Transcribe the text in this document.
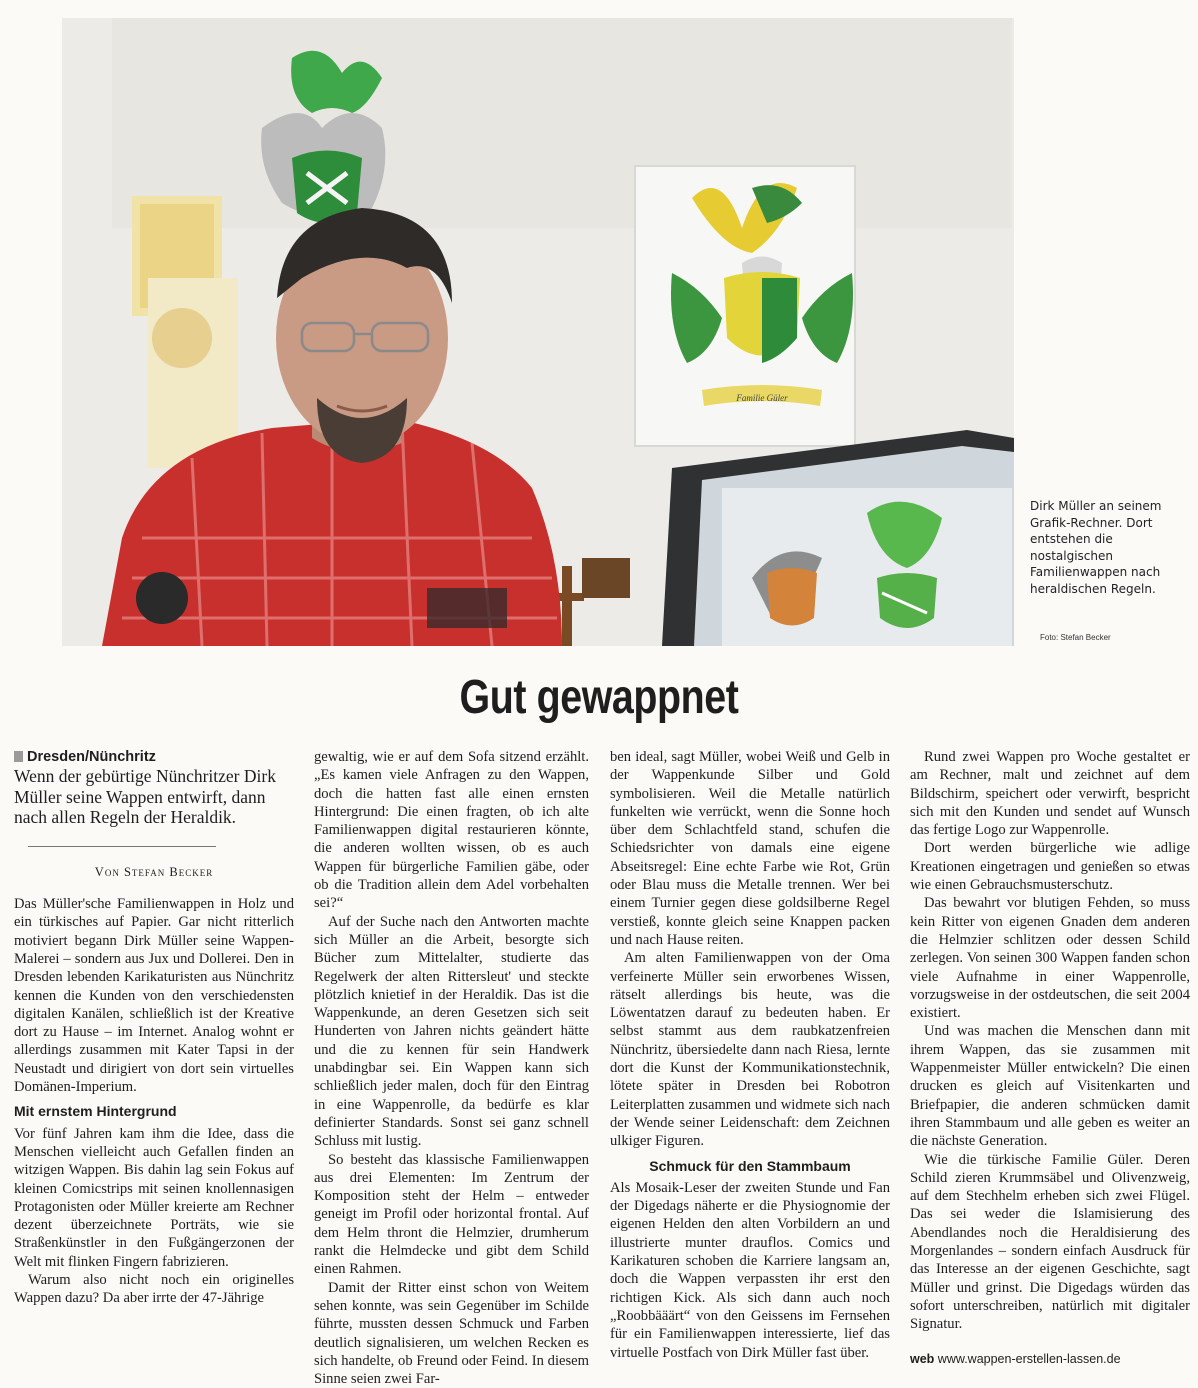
Familie Güler
Dirk Müller an seinem Grafik-Rechner. Dort entstehen die nostalgischen Familienwappen nach heraldischen Regeln.
Foto: Stefan Becker
Gut gewappnet
Dresden/Nünchritz

Wenn der gebürtige Nünchritzer Dirk Müller seine Wappen entwirft, dann nach allen Regeln der Heraldik.

Von Stefan Becker

Das Müller'sche Familienwappen in Holz und ein türkisches auf Papier. Gar nicht ritterlich motiviert begann Dirk Müller seine Wappen-Malerei – sondern aus Jux und Dollerei. Den in Dresden lebenden Karikaturisten aus Nünchritz kennen die Kunden von den verschiedensten digitalen Kanälen, schließlich ist der Kreative dort zu Hause – im Internet. Analog wohnt er allerdings zusammen mit Kater Tapsi in der Neustadt und dirigiert von dort sein virtuelles Domänen-Imperium.

Mit ernstem Hintergrund

Vor fünf Jahren kam ihm die Idee, dass die Menschen vielleicht auch Gefallen finden an witzigen Wappen. Bis dahin lag sein Fokus auf kleinen Comicstrips mit seinen knollennasigen Protagonisten oder Müller kreierte am Rechner dezent überzeichnete Porträts, wie sie Straßenkünstler in den Fußgängerzonen der Welt mit flinken Fingern fabrizieren.

Warum also nicht noch ein originelles Wappen dazu? Da aber irrte der 47-Jährige

gewaltig, wie er auf dem Sofa sitzend erzählt. „Es kamen viele Anfragen zu den Wappen, doch die hatten fast alle einen ernsten Hintergrund: Die einen fragten, ob ich alte Familienwappen digital restaurieren könnte, die anderen wollten wissen, ob es auch Wappen für bürgerliche Familien gäbe, oder ob die Tradition allein dem Adel vorbehalten sei?“

Auf der Suche nach den Antworten machte sich Müller an die Arbeit, besorgte sich Bücher zum Mittelalter, studierte das Regelwerk der alten Rittersleut' und steckte plötzlich knietief in der Heraldik. Das ist die Wappenkunde, an deren Gesetzen sich seit Hunderten von Jahren nichts geändert hätte und die zu kennen für sein Handwerk unabdingbar sei. Ein Wappen kann sich schließlich jeder malen, doch für den Eintrag in eine Wappenrolle, da bedürfe es klar definierter Standards. Sonst sei ganz schnell Schluss mit lustig.

So besteht das klassische Familienwappen aus drei Elementen: Im Zentrum der Komposition steht der Helm – entweder geneigt im Profil oder horizontal frontal. Auf dem Helm thront die Helmzier, drumherum rankt die Helmdecke und gibt dem Schild einen Rahmen.

Damit der Ritter einst schon von Weitem sehen konnte, was sein Gegenüber im Schilde führte, mussten dessen Schmuck und Farben deutlich signalisieren, um welchen Recken es sich handelte, ob Freund oder Feind. In diesem Sinne seien zwei Far-

ben ideal, sagt Müller, wobei Weiß und Gelb in der Wappenkunde Silber und Gold symbolisieren. Weil die Metalle natürlich funkelten wie verrückt, wenn die Sonne hoch über dem Schlachtfeld stand, schufen die Schiedsrichter von damals eine eigene Abseitsregel: Eine echte Farbe wie Rot, Grün oder Blau muss die Metalle trennen. Wer bei einem Turnier gegen diese goldsilberne Regel verstieß, konnte gleich seine Knappen packen und nach Hause reiten.

Am alten Familienwappen von der Oma verfeinerte Müller sein erworbenes Wissen, rätselt allerdings bis heute, was die Löwentatzen darauf zu bedeuten haben. Er selbst stammt aus dem raubkatzenfreien Nünchritz, übersiedelte dann nach Riesa, lernte dort die Kunst der Kommunikationstechnik, lötete später in Dresden bei Robotron Leiterplatten zusammen und widmete sich nach der Wende seiner Leidenschaft: dem Zeichnen ulkiger Figuren.

Schmuck für den Stammbaum

Als Mosaik-Leser der zweiten Stunde und Fan der Digedags näherte er die Physiognomie der eigenen Helden den alten Vorbildern an und illustrierte munter drauflos. Comics und Karikaturen schoben die Karriere langsam an, doch die Wappen verpassten ihr erst den richtigen Kick. Als sich dann auch noch „Roobbääärt“ von den Geissens im Fernsehen für ein Familienwappen interessierte, lief das virtuelle Postfach von Dirk Müller fast über.

Rund zwei Wappen pro Woche gestaltet er am Rechner, malt und zeichnet auf dem Bildschirm, speichert oder verwirft, bespricht sich mit den Kunden und sendet auf Wunsch das fertige Logo zur Wappenrolle.

Dort werden bürgerliche wie adlige Kreationen eingetragen und genießen so etwas wie einen Gebrauchsmusterschutz.

Das bewahrt vor blutigen Fehden, so muss kein Ritter von eigenen Gnaden dem anderen die Helmzier schlitzen oder dessen Schild zerlegen. Von seinen 300 Wappen fanden schon viele Aufnahme in einer Wappenrolle, vorzugsweise in der ostdeutschen, die seit 2004 existiert.

Und was machen die Menschen dann mit ihrem Wappen, das sie zusammen mit Wappenmeister Müller entwickeln? Die einen drucken es gleich auf Visitenkarten und Briefpapier, die anderen schmücken damit ihren Stammbaum und alle geben es weiter an die nächste Generation.

Wie die türkische Familie Güler. Deren Schild zieren Krummsäbel und Olivenzweig, auf dem Stechhelm erheben sich zwei Flügel. Das sei weder die Islamisierung des Abendlandes noch die Heraldisierung des Morgenlandes – sondern einfach Ausdruck für das Interesse an der eigenen Geschichte, sagt Müller und grinst. Die Digedags würden das sofort unterschreiben, natürlich mit digitaler Signatur.

web www.wappen-erstellen-lassen.de
